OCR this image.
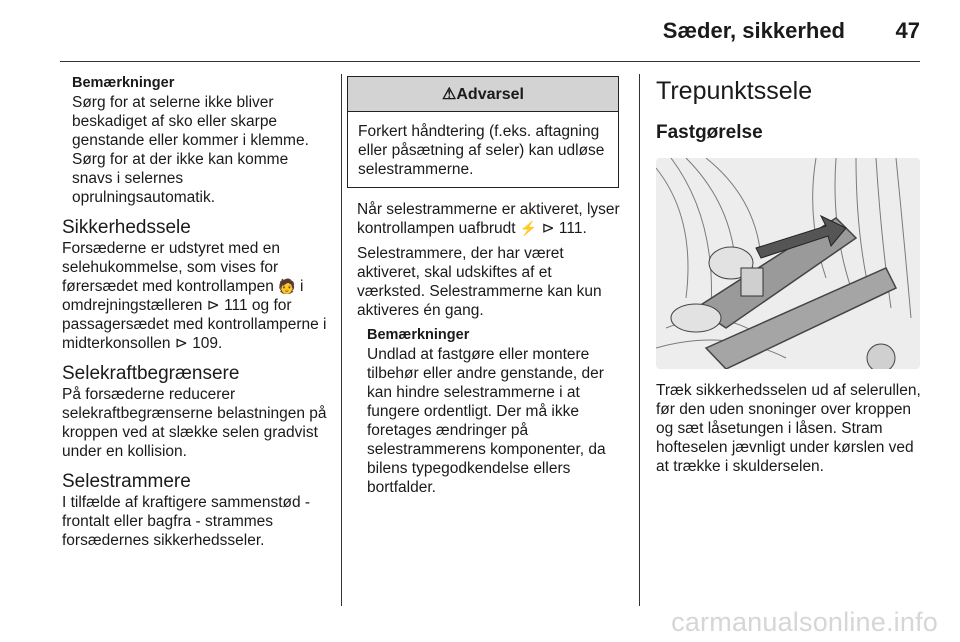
Sæder, sikkerhed 47
Bemærkninger

Sørg for at selerne ikke bliver beskadiget af sko eller skarpe genstande eller kommer i klemme. Sørg for at der ikke kan komme snavs i selernes oprulningsautomatik.

Sikkerhedssele

Forsæderne er udstyret med en selehukommelse, som vises for førersædet med kontrollampen 🧑 i omdrejningstælleren ⊳ 111 og for passagersædet med kontrollamperne i midterkonsollen ⊳ 109.

Selekraftbegrænsere

På forsæderne reducerer selekraftbegrænserne belastningen på kroppen ved at slække selen gradvist under en kollision.

Selestrammere

I tilfælde af kraftigere sammenstød - frontalt eller bagfra - strammes forsædernes sikkerhedsseler.

⚠Advarsel
Forkert håndtering (f.eks. aftagning eller påsætning af seler) kan udløse selestrammerne.

Når selestrammerne er aktiveret, lyser kontrollampen uafbrudt ⚡ ⊳ 111.

Selestrammere, der har været aktiveret, skal udskiftes af et værksted. Selestrammerne kan kun aktiveres én gang.

Bemærkninger

Undlad at fastgøre eller montere tilbehør eller andre genstande, der kan hindre selestrammerne i at fungere ordentligt. Der må ikke foretages ændringer på selestrammerens komponenter, da bilens typegodkendelse ellers bortfalder.

Trepunktssele
Fastgørelse

Træk sikkerhedsselen ud af selerullen, før den uden snoninger over kroppen og sæt låsetungen i låsen. Stram hofteselen jævnligt under kørslen ved at trække i skulderselen.

carmanualsonline.info
